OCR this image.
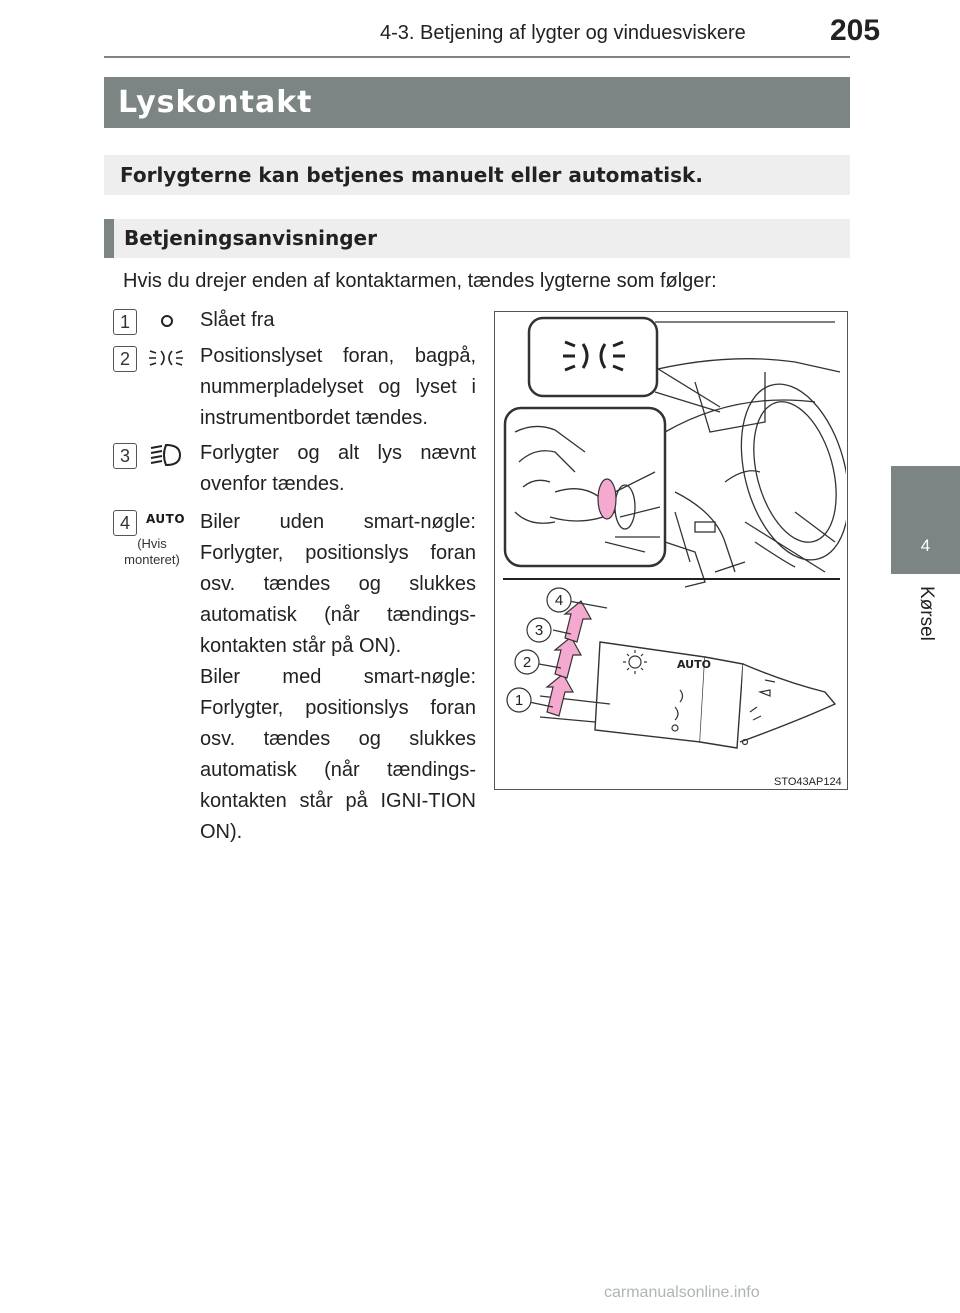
4-3. Betjening af lygter og vinduesviskere	205
4
Kørsel
Lyskontakt
Forlygterne kan betjenes manuelt eller automatisk.
Betjeningsanvisninger
Hvis du drejer enden af kontaktarmen, tændes lygterne som følger:
1	Slået fra
2	Positionslyset foran, bagpå, nummerpladelyset og lyset i instrumentbordet tændes.
3	Forlygter og alt lys nævnt ovenfor tændes.
4	AUTO
(Hvis monteret)
Biler uden smart-nøgle: Forlygter, positionslys foran osv. tændes og slukkes automatisk (når tændings-kontakten står på ON).
Biler med smart-nøgle: Forlygter, positionslys foran osv. tændes og slukkes automatisk (når tændings-kontakten står på IGNI-TION ON).
AUTO
1
2
3
4
STO43AP124
carmanualsonline.info
